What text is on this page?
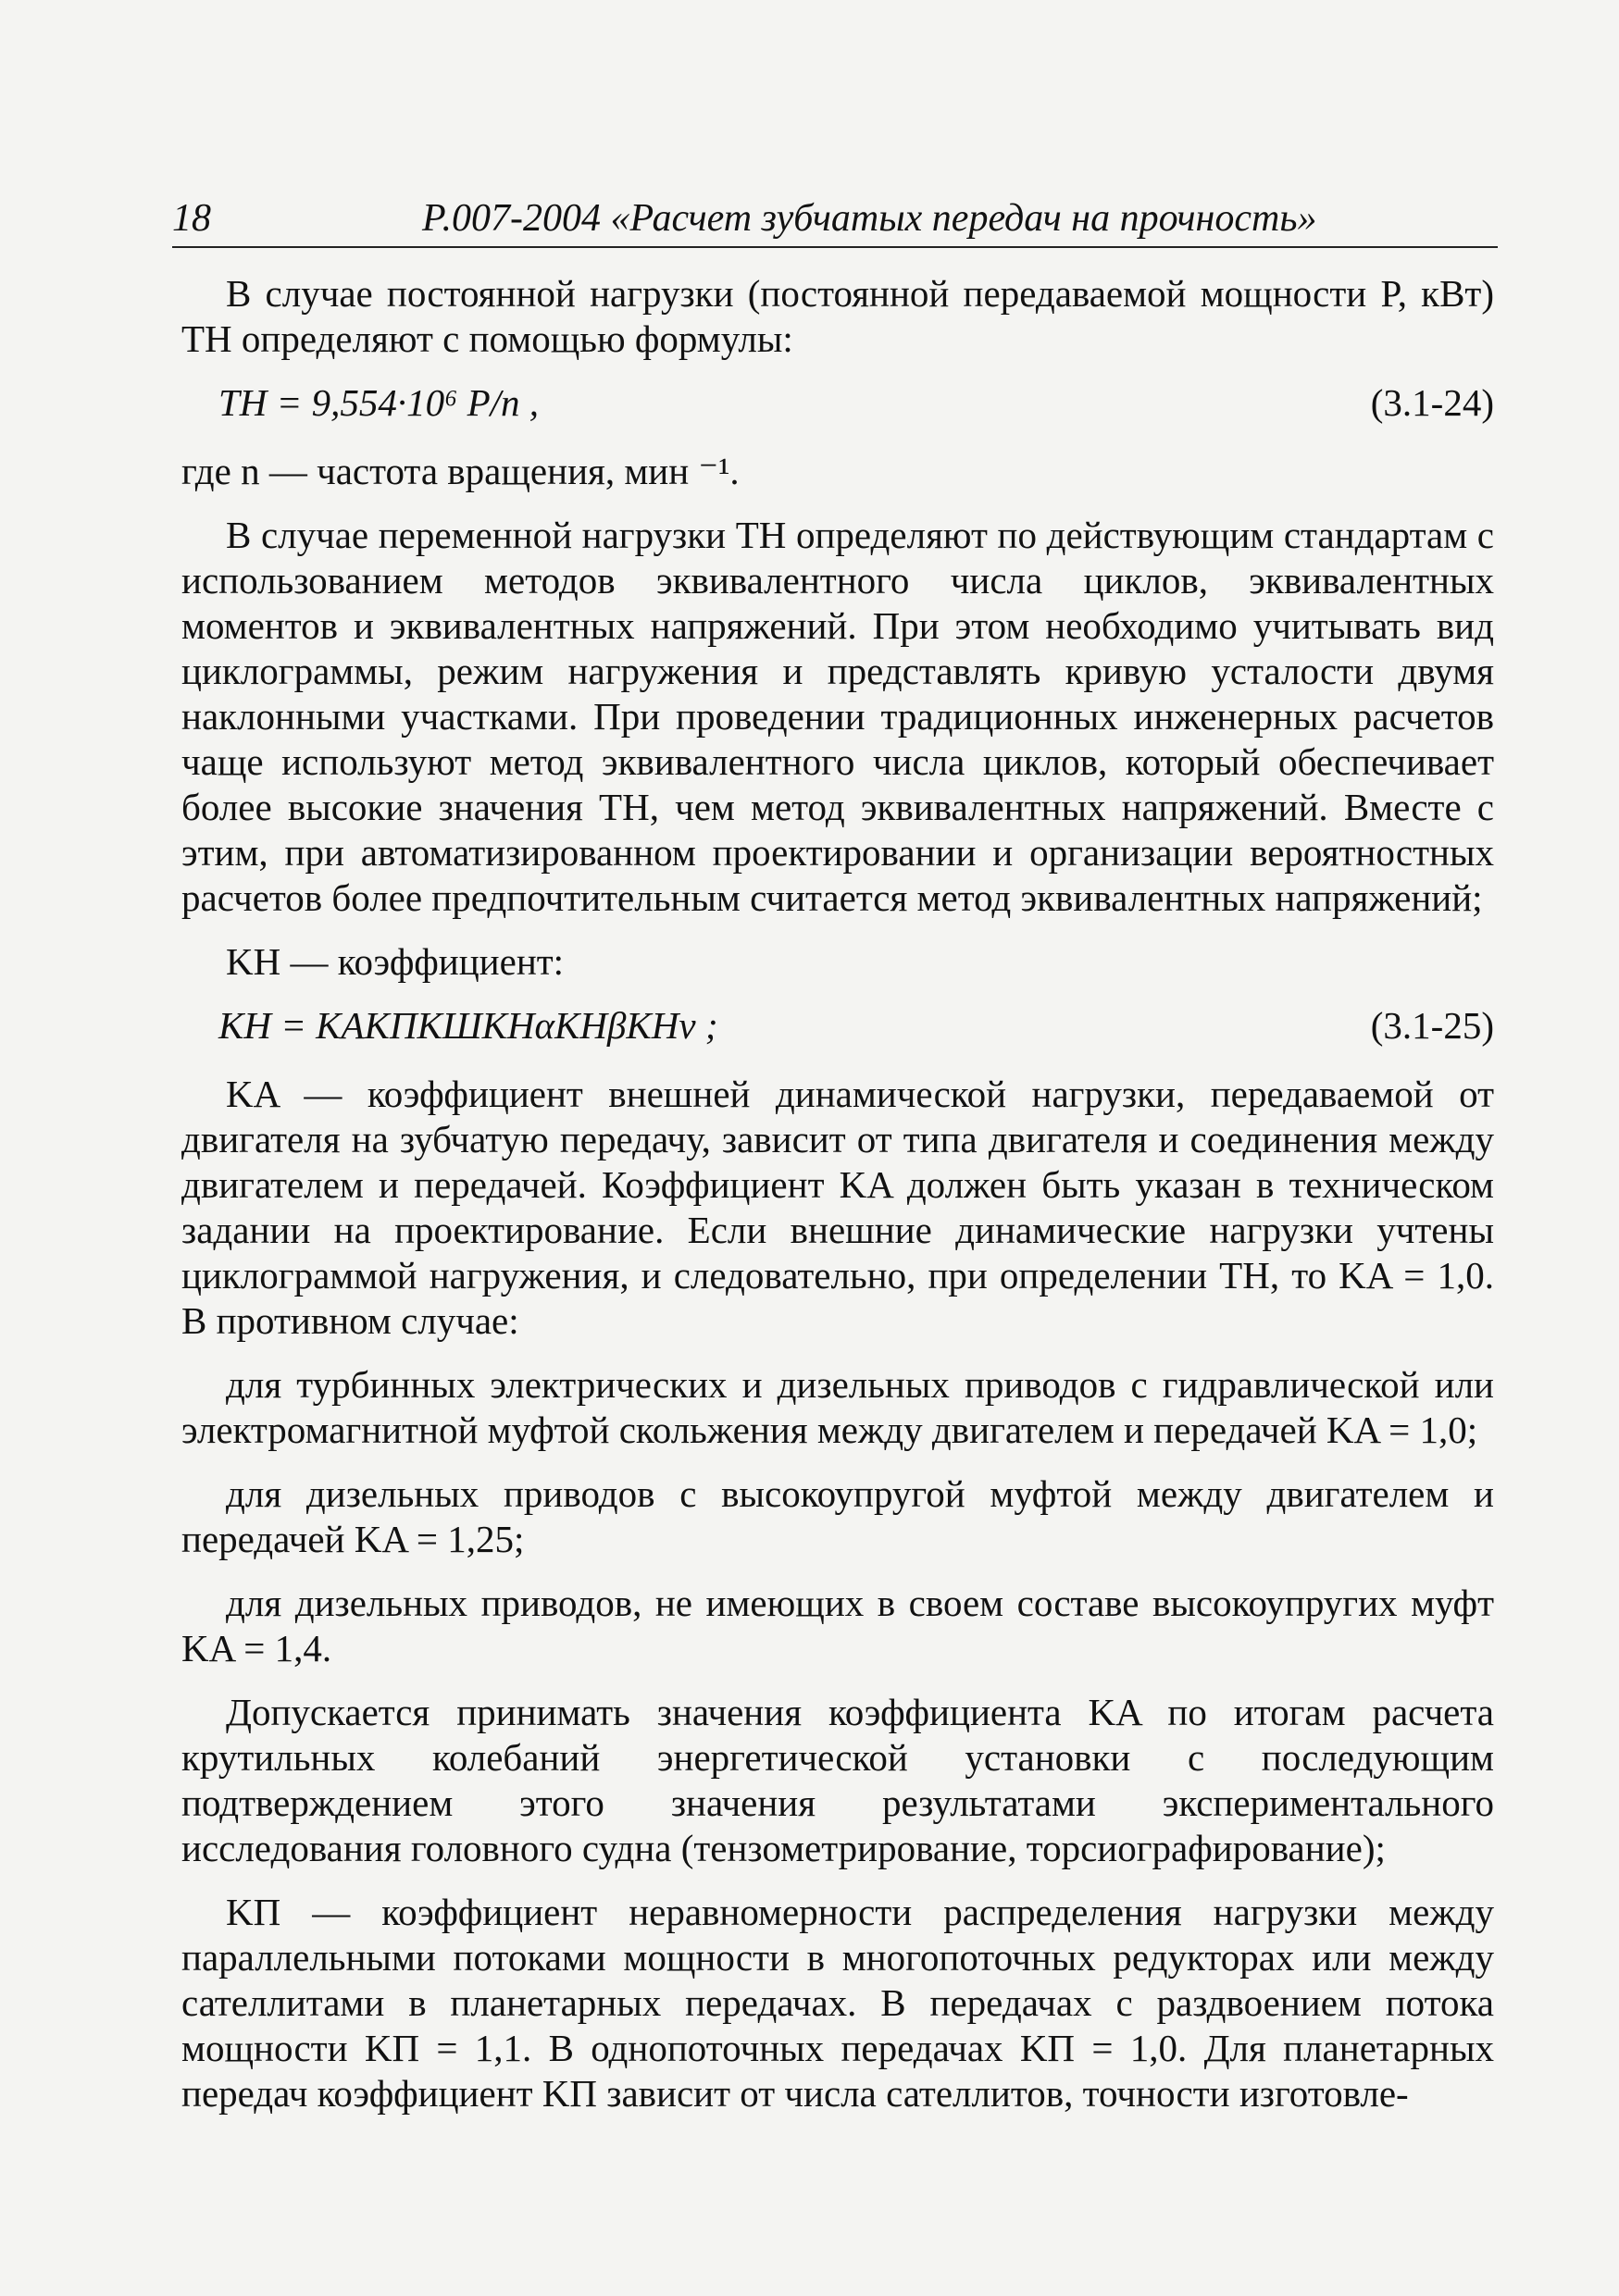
18	Р.007-2004 «Расчет зубчатых передач на прочность»

В случае постоянной нагрузки (постоянной передаваемой мощности P, кВт) TН определяют с помощью формулы:

TН = 9,554·10⁶ P/n ,	(3.1-24)

где n — частота вращения, мин ⁻¹.

В случае переменной нагрузки TН определяют по действующим стандартам с использованием методов эквивалентного числа циклов, эквивалентных моментов и эквивалентных напряжений. При этом необходимо учитывать вид циклограммы, режим нагружения и представлять кривую усталости двумя наклонными участками. При проведении традиционных инженерных расчетов чаще используют метод эквивалентного числа циклов, который обеспечивает более высокие значения TН, чем метод эквивалентных напряжений. Вместе с этим, при автоматизированном проектировании и организации вероятностных расчетов более предпочтительным считается метод эквивалентных напряжений;

KН — коэффициент:

KН = KAKПKШKНαKНβKНv ;	(3.1-25)

KA — коэффициент внешней динамической нагрузки, передаваемой от двигателя на зубчатую передачу, зависит от типа двигателя и соединения между двигателем и передачей. Коэффициент KA должен быть указан в техническом задании на проектирование. Если внешние динамические нагрузки учтены циклограммой нагружения, и следовательно, при определении TН, то KA = 1,0. В противном случае:

для турбинных электрических и дизельных приводов с гидравлической или электромагнитной муфтой скольжения между двигателем и передачей KA = 1,0;

для дизельных приводов с высокоупругой муфтой между двигателем и передачей KA = 1,25;

для дизельных приводов, не имеющих в своем составе высокоупругих муфт KA = 1,4.

Допускается принимать значения коэффициента KA по итогам расчета крутильных колебаний энергетической установки с последующим подтверждением этого значения результатами экспериментального исследования головного судна (тензометрирование, торсиографирование);

KП — коэффициент неравномерности распределения нагрузки между параллельными потоками мощности в многопоточных редукторах или между сателлитами в планетарных передачах. В передачах с раздвоением потока мощности KП = 1,1. В однопоточных передачах KП = 1,0. Для планетарных передач коэффициент KП зависит от числа сателлитов, точности изготовле-
